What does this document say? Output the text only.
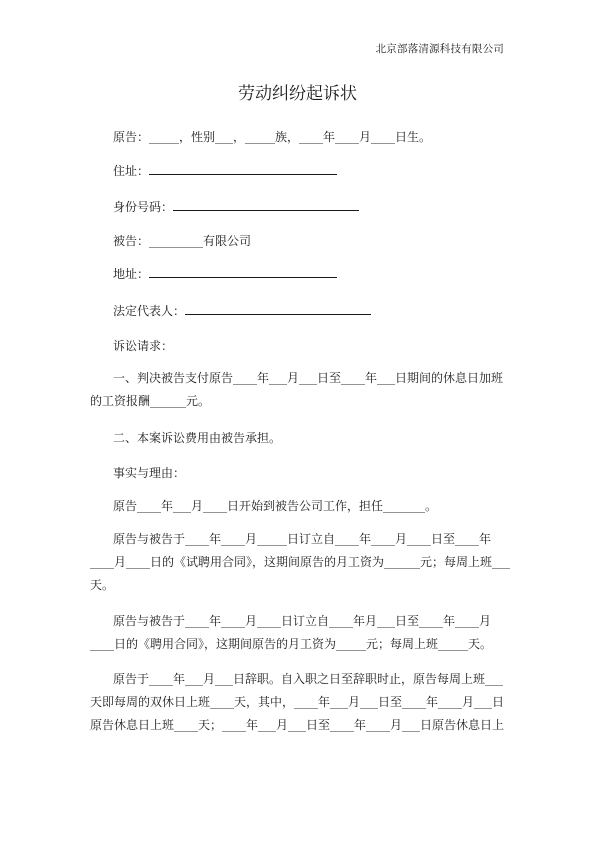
北京部落清源科技有限公司
劳动纠纷起诉状
原告：_____，性别___，_____族，____年____月____日生。
住址：
身份号码：
被告：_________有限公司
地址：
法定代表人：
诉讼请求：
一、判决被告支付原告____年___月___日至____年___日期间的休息日加班
的工资报酬______元。
二、本案诉讼费用由被告承担。
事实与理由：
原告____年___月____日开始到被告公司工作，担任_______。
原告与被告于____年____月_____日订立自____年____月____日至____年
____月____日的《试聘用合同》，这期间原告的月工资为______元；每周上班___
天。
原告与被告于____年____月____日订立自____年月___日至____年____月
____日的《聘用合同》，这期间原告的月工资为_____元；每周上班_____天。
原告于____年___月___日辞职。自入职之日至辞职时止，原告每周上班___
天即每周的双休日上班____天，其中，____年___月___日至____年____月___日
原告休息日上班____天；____年___月___日至____年____月___日原告休息日上
